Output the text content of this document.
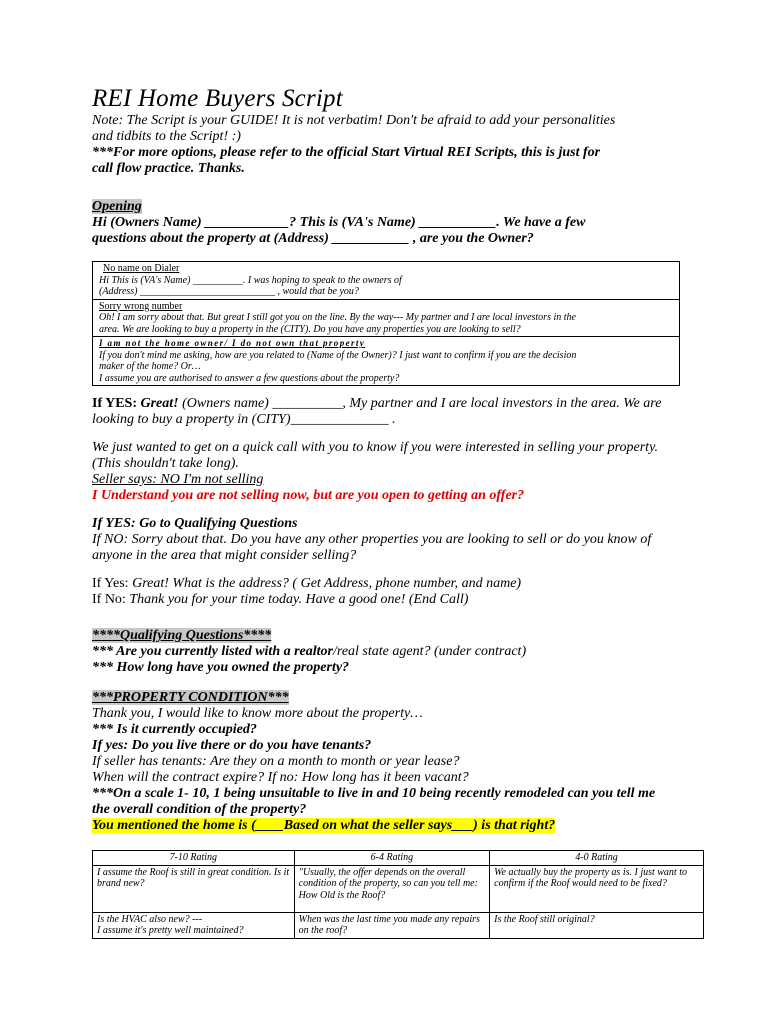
REI Home Buyers Script
Note: The Script is your GUIDE! It is not verbatim! Don't be afraid to add your personalities
and tidbits to the Script! :)
***For more options, please refer to the official Start Virtual REI Scripts, this is just for
call flow practice. Thanks.
Opening
Hi (Owners Name) ____________? This is (VA's Name) ___________. We have a few
questions about the property at (Address) ___________ , are you the Owner?
No name on Dialer
Hi This is (VA's Name) __________. I was hoping to speak to the owners of
(Address) ___________________________ , would that be you?
Sorry wrong number
Oh! I am sorry about that. But great I still got you on the line. By the way--- My partner and I are local investors in the
area. We are looking to buy a property in the (CITY). Do you have any properties you are looking to sell?
I am not the home owner/ I do not own that property
If you don't mind me asking, how are you related to (Name of the Owner)? I just want to confirm if you are the decision
maker of the home? Or…
I assume you are authorised to answer a few questions about the property?
If YES: Great! (Owners name) __________, My partner and I are local investors in the area. We are
looking to buy a property in (CITY)______________ .
We just wanted to get on a quick call with you to know if you were interested in selling your property.
(This shouldn't take long).
Seller says: NO I'm not selling
I Understand you are not selling now, but are you open to getting an offer?
If YES: Go to Qualifying Questions
If NO: Sorry about that. Do you have any other properties you are looking to sell or do you know of
anyone in the area that might consider selling?
If Yes: Great! What is the address? ( Get Address, phone number, and name)
If No: Thank you for your time today. Have a good one! (End Call)
****Qualifying Questions****
*** Are you currently listed with a realtor/real state agent? (under contract)
*** How long have you owned the property?
***PROPERTY CONDITION***
Thank you, I would like to know more about the property…
*** Is it currently occupied?
If yes: Do you live there or do you have tenants?
If seller has tenants: Are they on a month to month or year lease?
When will the contract expire? If no: How long has it been vacant?
***On a scale 1- 10, 1 being unsuitable to live in and 10 being recently remodeled can you tell me
the overall condition of the property?
You mentioned the home is (____Based on what the seller says___) is that right?
7-10 Rating	6-4 Rating	4-0 Rating
I assume the Roof is still in great condition. Is it brand new?	"Usually, the offer depends on the overall condition of the property, so can you tell me:
How Old is the Roof?	We actually buy the property as is. I just want to confirm if the Roof would need to be fixed?

Is the HVAC also new? ---
I assume it's pretty well maintained?	When was the last time you made any repairs on the roof?	Is the Roof still original?
